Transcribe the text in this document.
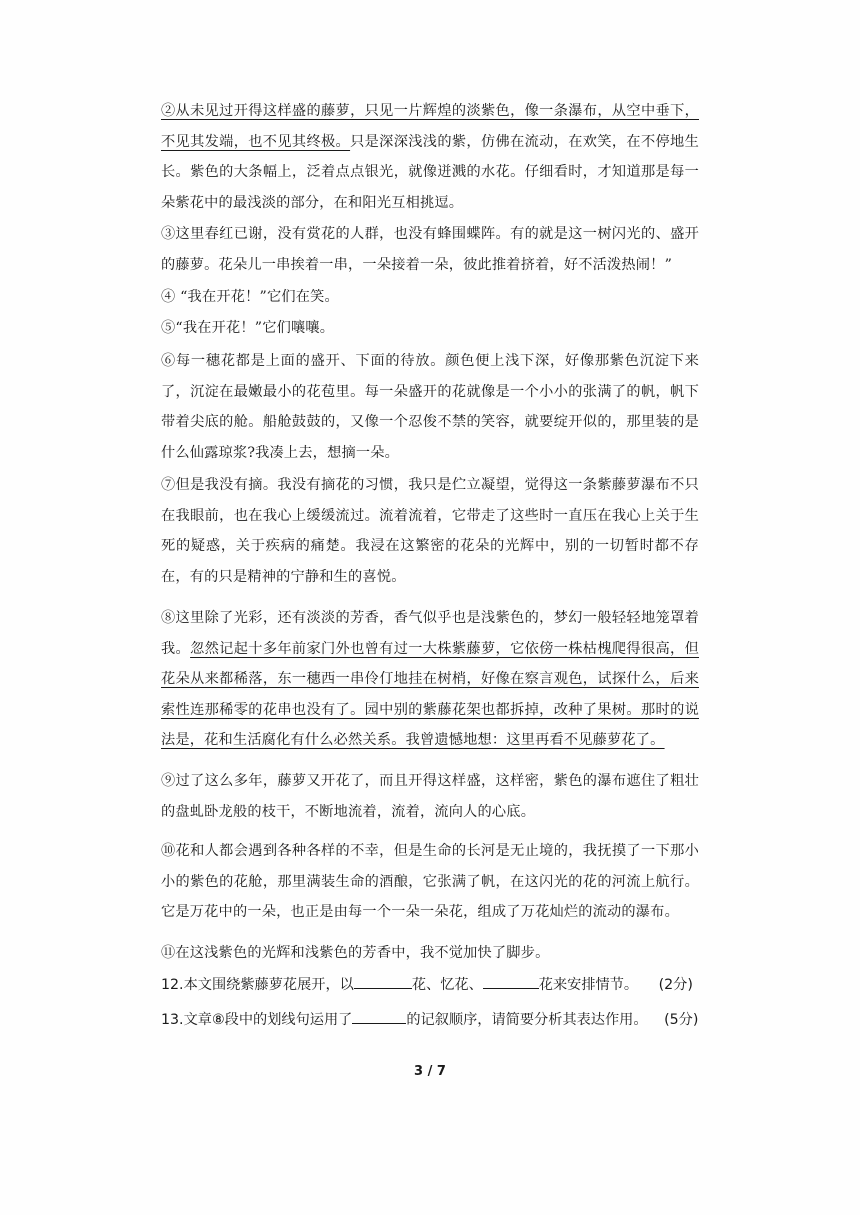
②从未见过开得这样盛的藤萝，只见一片辉煌的淡紫色，像一条瀑布，从空中垂下，不见其发端，也不见其终极。只是深深浅浅的紫，仿佛在流动，在欢笑，在不停地生长。紫色的大条幅上，泛着点点银光，就像迸溅的水花。仔细看时，才知道那是每一朵紫花中的最浅淡的部分，在和阳光互相挑逗。

③这里春红已谢，没有赏花的人群，也没有蜂围蝶阵。有的就是这一树闪光的、盛开的藤萝。花朵儿一串挨着一串，一朵接着一朵，彼此推着挤着，好不活泼热闹！”

④ “我在开花！”它们在笑。

⑤“我在开花！”它们嚷嚷。

⑥每一穗花都是上面的盛开、下面的待放。颜色便上浅下深，好像那紫色沉淀下来了，沉淀在最嫩最小的花苞里。每一朵盛开的花就像是一个小小的张满了的帆，帆下带着尖底的舱。船舱鼓鼓的，又像一个忍俊不禁的笑容，就要绽开似的，那里装的是什么仙露琼浆?我凑上去，想摘一朵。

⑦但是我没有摘。我没有摘花的习惯，我只是伫立凝望，觉得这一条紫藤萝瀑布不只在我眼前，也在我心上缓缓流过。流着流着，它带走了这些时一直压在我心上关于生死的疑惑，关于疾病的痛楚。我浸在这繁密的花朵的光辉中，别的一切暂时都不存在，有的只是精神的宁静和生的喜悦。

⑧这里除了光彩，还有淡淡的芳香，香气似乎也是浅紫色的，梦幻一般轻轻地笼罩着我。忽然记起十多年前家门外也曾有过一大株紫藤萝，它依傍一株枯槐爬得很高，但花朵从来都稀落，东一穗西一串伶仃地挂在树梢，好像在察言观色，试探什么，后来索性连那稀零的花串也没有了。园中别的紫藤花架也都拆掉，改种了果树。那时的说法是，花和生活腐化有什么必然关系。我曾遗憾地想：这里再看不见藤萝花了。

⑨过了这么多年，藤萝又开花了，而且开得这样盛，这样密，紫色的瀑布遮住了粗壮的盘虬卧龙般的枝干，不断地流着，流着，流向人的心底。

⑩花和人都会遇到各种各样的不幸，但是生命的长河是无止境的，我抚摸了一下那小小的紫色的花舱，那里满装生命的酒酿，它张满了帆，在这闪光的花的河流上航行。它是万花中的一朵，也正是由每一个一朵一朵花，组成了万花灿烂的流动的瀑布。

⑪在这浅紫色的光辉和浅紫色的芳香中，我不觉加快了脚步。

12.本文围绕紫藤萝花展开，以	花、忆花、	花来安排情节。 (2分)
13.文章⑧段中的划线句运用了	的记叙顺序，请简要分析其表达作用。 (5分)
3 / 7
